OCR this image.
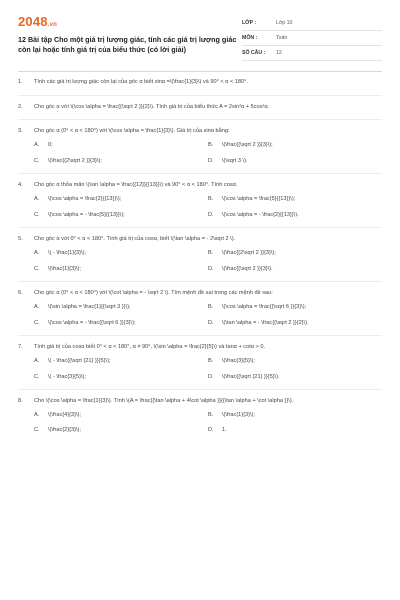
2048.vn
12 Bài tập Cho một giá trị lượng giác, tính các giá trị lượng giác còn lại hoặc tính giá trị của biểu thức (có lời giải)
LỚP :	Lớp 10
MÔN :	Toán
SỐ CÂU :	12
1.	Tính các giá trị lượng giác còn lại của góc α biết sinα =\(\frac{1}{3}\) và 90° < α < 180°.
2.	Cho góc α với \(\cos \alpha = \frac{{\sqrt 2 }}{2}\). Tính giá trị của biểu thức A = 2sin²α + 5cos²α.
3.	Cho góc α (0° < α < 180°) với \(\cos \alpha = \frac{1}{3}\). Giá trị của sinα bằng:
A.	0;	B.	\(\frac{{\sqrt 2 }}{3}\);
C.	\(\frac{{2\sqrt 2 }}{3}\);	D.	\(\sqrt 3 \).
4.	Cho góc α thỏa mãn \(\sin \alpha = \frac{{12}}{{13}}\) và 90° < α < 180°. Tính cosα.
A.	\(\cos \alpha = \frac{2}{{13}}\);	B.	\(\cos \alpha = \frac{5}{{13}}\);
C.	\(\cos \alpha = - \frac{5}{{13}}\);	D.	\(\cos \alpha = - \frac{2}{{13}}\).
5.	Cho góc α với 0° < α < 180°. Tính giá trị của cosα, biết \(\tan \alpha = - 2\sqrt 2 \).
A.	\( - \frac{1}{3}\);	B.	\(\frac{{2\sqrt 2 }}{3}\);
C.	\(\frac{1}{3}\);	D.	\(\frac{{\sqrt 2 }}{3}\).
6.	Cho góc α (0° < α < 180°) với \(\cot \alpha = - \sqrt 2 \). Tìm mệnh đề sai trong các mệnh đề sau:
A.	\(\sin \alpha = \frac{1}{{\sqrt 3 }}\);	B.	\(\cos \alpha = \frac{{\sqrt 6 }}{3}\);
C.	\(\cos \alpha = - \frac{{\sqrt 6 }}{3}\);	D.	\(\tan \alpha = - \frac{{\sqrt 2 }}{2}\).
7.	Tính giá trị của cosα biết 0° < α < 180°, α ≠ 90°, \(\sin \alpha = \frac{2}{5}\) và tanα + cotα > 0.
A.	\( - \frac{{\sqrt {21} }}{5}\);	B.	\(\frac{3}{5}\);
C.	\( - \frac{3}{5}\);	D.	\(\frac{{\sqrt {21} }}{5}\).
8.	Cho \(\cos \alpha = \frac{1}{3}\). Tính \(A = \frac{{\tan \alpha + 4\cot \alpha }}{{\tan \alpha + \cot \alpha }}\).
A.	\(\frac{4}{3}\);	B.	\(\frac{1}{3}\);
C.	\(\frac{2}{3}\);	D.	1.
